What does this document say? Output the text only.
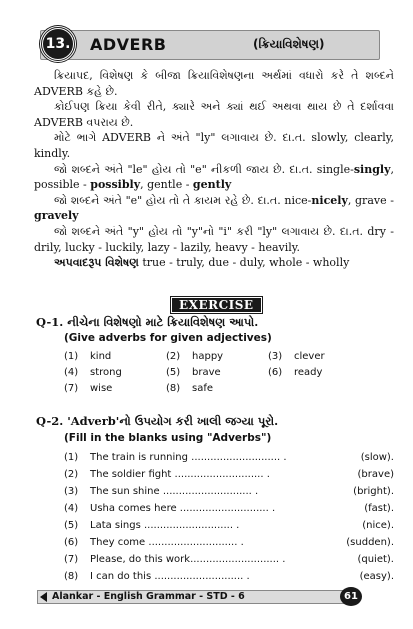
13.	ADVERB	(ક્રિયાવિશેષણ)

ક્રિયાપદ, વિશેષણ કે બીજા ક્રિયાવિશેષણના અર્થમાં વધારો કરે તે શબ્દને ADVERB કહે છે.

કોઈપણ ક્રિયા કેવી રીતે, ક્યારે અને ક્યાં થઈ અથવા થાય છે તે દર્શાવવા ADVERB વપરાય છે.

મોટે ભાગે ADVERB ને અંતે "ly" લગાવાય છે. દા.ત. slowly, clearly, kindly.

જો શબ્દને અંતે "le" હોય તો "e" નીકળી જાય છે. દા.ત. single-singly, possible - possibly, gentle - gently

જો શબ્દને અંતે "e" હોય તો તે કાયમ રહે છે. દા.ત. nice-nicely, grave - gravely

જો શબ્દને અંતે "y" હોય તો "y"નો "i" કરી "ly" લગાવાય છે. દા.ત. dry - drily, lucky - luckily, lazy - lazily, heavy - heavily.

અપવાદરૂપ વિશેષણ true - truly, due - duly, whole - wholly

EXERCISE
Q-1. નીચેના વિશેષણો માટે ક્રિયાવિશેષણ આપો.
(Give adverbs for given adjectives)
(1)	kind	(2)	happy	(3)	clever
(4)	strong	(5)	brave	(6)	ready
(7)	wise	(8)	safe
Q-2. 'Adverb'નો ઉપયોગ કરી ખાલી જગ્યા પૂરો.
(Fill in the blanks using "Adverbs")
(1)	The train is running ............................ .	(slow).
(2)	The soldier fight ............................ .	(brave)
(3)	The sun shine ............................ .	(bright).
(4)	Usha comes here ............................ .	(fast).
(5)	Lata sings ............................ .	(nice).
(6)	They come ............................ .	(sudden).
(7)	Please, do this work............................ .	(quiet).
(8)	I can do this ............................ .	(easy).
Alankar - English Grammar - STD - 6	61
